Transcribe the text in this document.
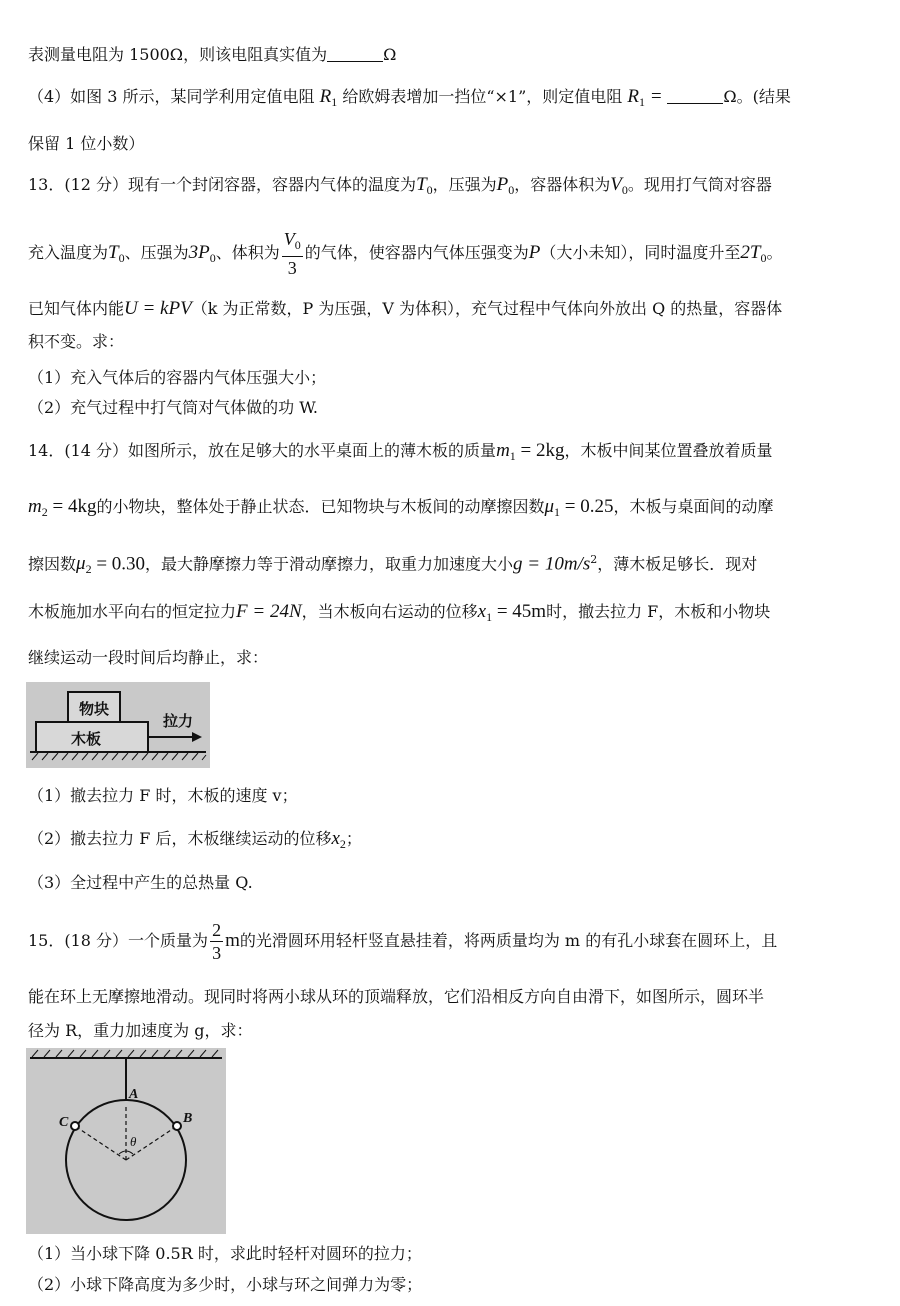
表测量电阻为 1500Ω，则该电阻真实值为	Ω
（4）如图 3 所示，某同学利用定值电阻 $R_1$ 给欧姆表增加一挡位“×1”，则定值电阻 $R_1$ =	Ω。(结果
保留 1 位小数）
13．(12 分）现有一个封闭容器，容器内气体的温度为$T_0$，压强为$P_0$，容器体积为$V_0$。现用打气筒对容器
充入温度为$T_0$、压强为$3P_0$、体积为 $\frac{V_0}{3}$ 的气体，使容器内气体压强变为P（大小未知），同时温度升至$2T_0$。
已知气体内能U = kPV（k 为正常数，P 为压强，V 为体积），充气过程中气体向外放出 Q 的热量，容器体
积不变。求：
（1）充入气体后的容器内气体压强大小；
（2）充气过程中打气筒对气体做的功 W.
14．(14 分）如图所示，放在足够大的水平桌面上的薄木板的质量$m_1 = 2kg$，木板中间某位置叠放着质量
$m_2 = 4kg$的小物块，整体处于静止状态．已知物块与木板间的动摩擦因数$\mu_1 = 0.25$，木板与桌面间的动摩
擦因数$\mu_2 = 0.30$，最大静摩擦力等于滑动摩擦力，取重力加速度大小$g = 10m/s^2$，薄木板足够长．现对
木板施加水平向右的恒定拉力F = 24N，当木板向右运动的位移$x_1 = 45m$时，撤去拉力 F，木板和小物块
继续运动一段时间后均静止，求：
物块
木板
拉力
（1）撤去拉力 F 时，木板的速度 v；
（2）撤去拉力 F 后，木板继续运动的位移$x_2$；
（3）全过程中产生的总热量 Q.
15．(18 分）一个质量为 $\frac{2}{3}$ m的光滑圆环用轻杆竖直悬挂着，将两质量均为 m 的有孔小球套在圆环上，且
能在环上无摩擦地滑动。现同时将两小球从环的顶端释放，它们沿相反方向自由滑下，如图所示，圆环半
径为 R，重力加速度为 g，求：
A
B
C
θ
（1）当小球下降 0.5R 时，求此时轻杆对圆环的拉力；
（2）小球下降高度为多少时，小球与环之间弹力为零；
